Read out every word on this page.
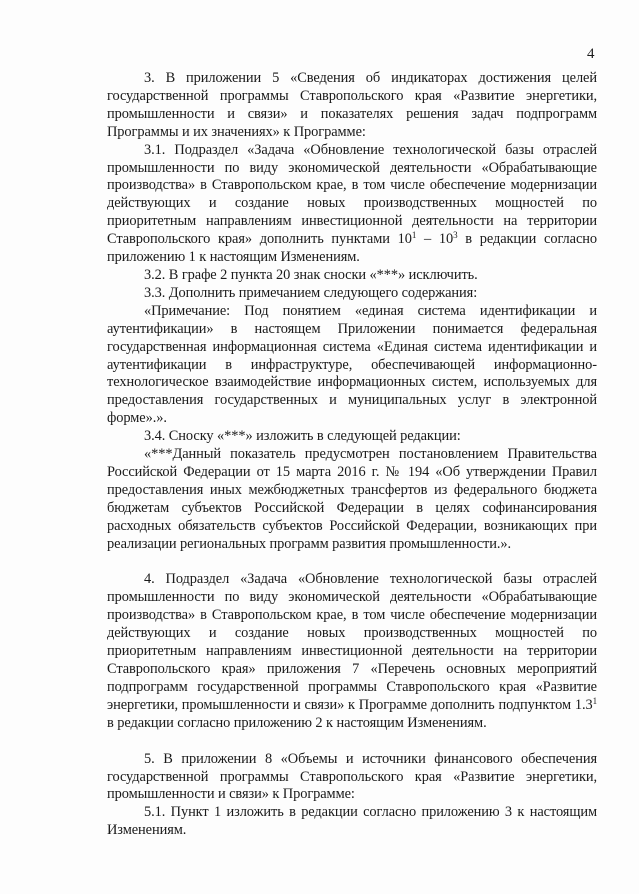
4

3. В приложении 5 «Сведения об индикаторах достижения целей государственной программы Ставропольского края «Развитие энергетики, промышленности и связи» и показателях решения задач подпрограмм Программы и их значениях» к Программе:

3.1. Подраздел «Задача «Обновление технологической базы отраслей промышленности по виду экономической деятельности «Обрабатывающие производства» в Ставропольском крае, в том числе обеспечение модернизации действующих и создание новых производственных мощностей по приоритетным направлениям инвестиционной деятельности на территории Ставропольского края» дополнить пунктами $10^1 - 10^3$ в редакции согласно приложению 1 к настоящим Изменениям.

3.2. В графе 2 пункта 20 знак сноски «***» исключить.

3.3. Дополнить примечанием следующего содержания:

«Примечание: Под понятием «единая система идентификации и аутентификации» в настоящем Приложении понимается федеральная государственная информационная система «Единая система идентификации и аутентификации в инфраструктуре, обеспечивающей информационно-технологическое взаимодействие информационных систем, используемых для предоставления государственных и муниципальных услуг в электронной форме».».

3.4. Сноску «***» изложить в следующей редакции:

«***Данный показатель предусмотрен постановлением Правительства Российской Федерации от 15 марта 2016 г. № 194 «Об утверждении Правил предоставления иных межбюджетных трансфертов из федерального бюджета бюджетам субъектов Российской Федерации в целях софинансирования расходных обязательств субъектов Российской Федерации, возникающих при реализации региональных программ развития промышленности.».

4. Подраздел «Задача «Обновление технологической базы отраслей промышленности по виду экономической деятельности «Обрабатывающие производства» в Ставропольском крае, в том числе обеспечение модернизации действующих и создание новых производственных мощностей по приоритетным направлениям инвестиционной деятельности на территории Ставропольского края» приложения 7 «Перечень основных мероприятий подпрограмм государственной программы Ставропольского края «Развитие энергетики, промышленности и связи» к Программе дополнить подпунктом $1.3^1$ в редакции согласно приложению 2 к настоящим Изменениям.

5. В приложении 8 «Объемы и источники финансового обеспечения государственной программы Ставропольского края «Развитие энергетики, промышленности и связи» к Программе:

5.1. Пункт 1 изложить в редакции согласно приложению 3 к настоящим Изменениям.
